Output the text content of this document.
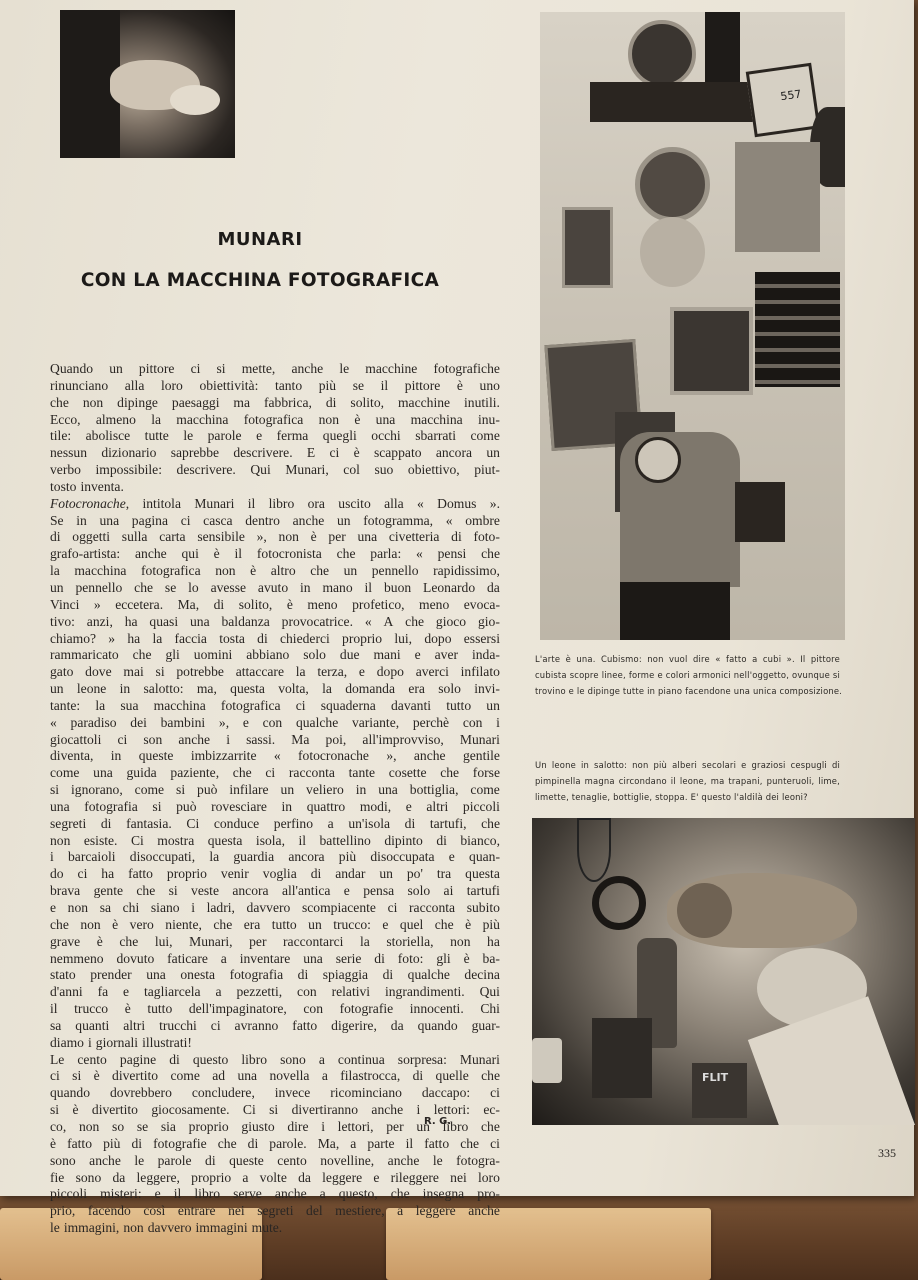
557
MUNARI
CON LA MACCHINA FOTOGRAFICA
Quando un pittore ci si mette, anche le macchine fotografiche
rinunciano alla loro obiettività: tanto più se il pittore è uno
che non dipinge paesaggi ma fabbrica, di solito, macchine inutili.
Ecco, almeno la macchina fotografica non è una macchina inu-
tile: abolisce tutte le parole e ferma quegli occhi sbarrati come
nessun dizionario saprebbe descrivere. E ci è scappato ancora un
verbo impossibile: descrivere. Qui Munari, col suo obiettivo, piut-
tosto inventa.
Fotocronache, intitola Munari il libro ora uscito alla « Domus ».
Se in una pagina ci casca dentro anche un fotogramma, « ombre
di oggetti sulla carta sensibile », non è per una civetteria di foto-
grafo-artista: anche qui è il fotocronista che parla: « pensi che
la macchina fotografica non è altro che un pennello rapidissimo,
un pennello che se lo avesse avuto in mano il buon Leonardo da
Vinci » eccetera. Ma, di solito, è meno profetico, meno evoca-
tivo: anzi, ha quasi una baldanza provocatrice. « A che gioco gio-
chiamo? » ha la faccia tosta di chiederci proprio lui, dopo essersi
rammaricato che gli uomini abbiano solo due mani e aver inda-
gato dove mai si potrebbe attaccare la terza, e dopo averci infilato
un leone in salotto: ma, questa volta, la domanda era solo invi-
tante: la sua macchina fotografica ci squaderna davanti tutto un
« paradiso dei bambini », e con qualche variante, perchè con i
giocattoli ci son anche i sassi. Ma poi, all'improvviso, Munari
diventa, in queste imbizzarrite « fotocronache », anche gentile
come una guida paziente, che ci racconta tante cosette che forse
si ignorano, come si può infilare un veliero in una bottiglia, come
una fotografia si può rovesciare in quattro modi, e altri piccoli
segreti di fantasia. Ci conduce perfino a un'isola di tartufi, che
non esiste. Ci mostra questa isola, il battellino dipinto di bianco,
i barcaioli disoccupati, la guardia ancora più disoccupata e quan-
do ci ha fatto proprio venir voglia di andar un po' tra questa
brava gente che si veste ancora all'antica e pensa solo ai tartufi
e non sa chi siano i ladri, davvero scompiacente ci racconta subito
che non è vero niente, che era tutto un trucco: e quel che è più
grave è che lui, Munari, per raccontarci la storiella, non ha
nemmeno dovuto faticare a inventare una serie di foto: gli è ba-
stato prender una onesta fotografia di spiaggia di qualche decina
d'anni fa e tagliarcela a pezzetti, con relativi ingrandimenti. Qui
il trucco è tutto dell'impaginatore, con fotografie innocenti. Chi
sa quanti altri trucchi ci avranno fatto digerire, da quando guar-
diamo i giornali illustrati!
Le cento pagine di questo libro sono a continua sorpresa: Munari
ci si è divertito come ad una novella a filastrocca, di quelle che
quando dovrebbero concludere, invece ricominciano daccapo: ci
si è divertito giocosamente. Ci si divertiranno anche i lettori: ec-
co, non so se sia proprio giusto dire i lettori, per un libro che
è fatto più di fotografie che di parole. Ma, a parte il fatto che ci
sono anche le parole di queste cento novelline, anche le fotogra-
fie sono da leggere, proprio a volte da leggere e rileggere nei loro
piccoli misteri: e il libro serve anche a questo, che insegna pro-
prio, facendo così entrare nei segreti del mestiere, a leggere anche
le immagini, non davvero immagini mute.
R. G.
L'arte è una. Cubismo: non vuol dire « fatto a cubi ». Il pittore
cubista scopre linee, forme e colori armonici nell'oggetto, ovunque si
trovino e le dipinge tutte in piano facendone una unica composizione.
Un leone in salotto: non più alberi secolari e graziosi cespugli di
pimpinella magna circondano il leone, ma trapani, punteruoli, lime,
limette, tenaglie, bottiglie, stoppa. E' questo l'aldilà dei leoni?
FLIT
335
